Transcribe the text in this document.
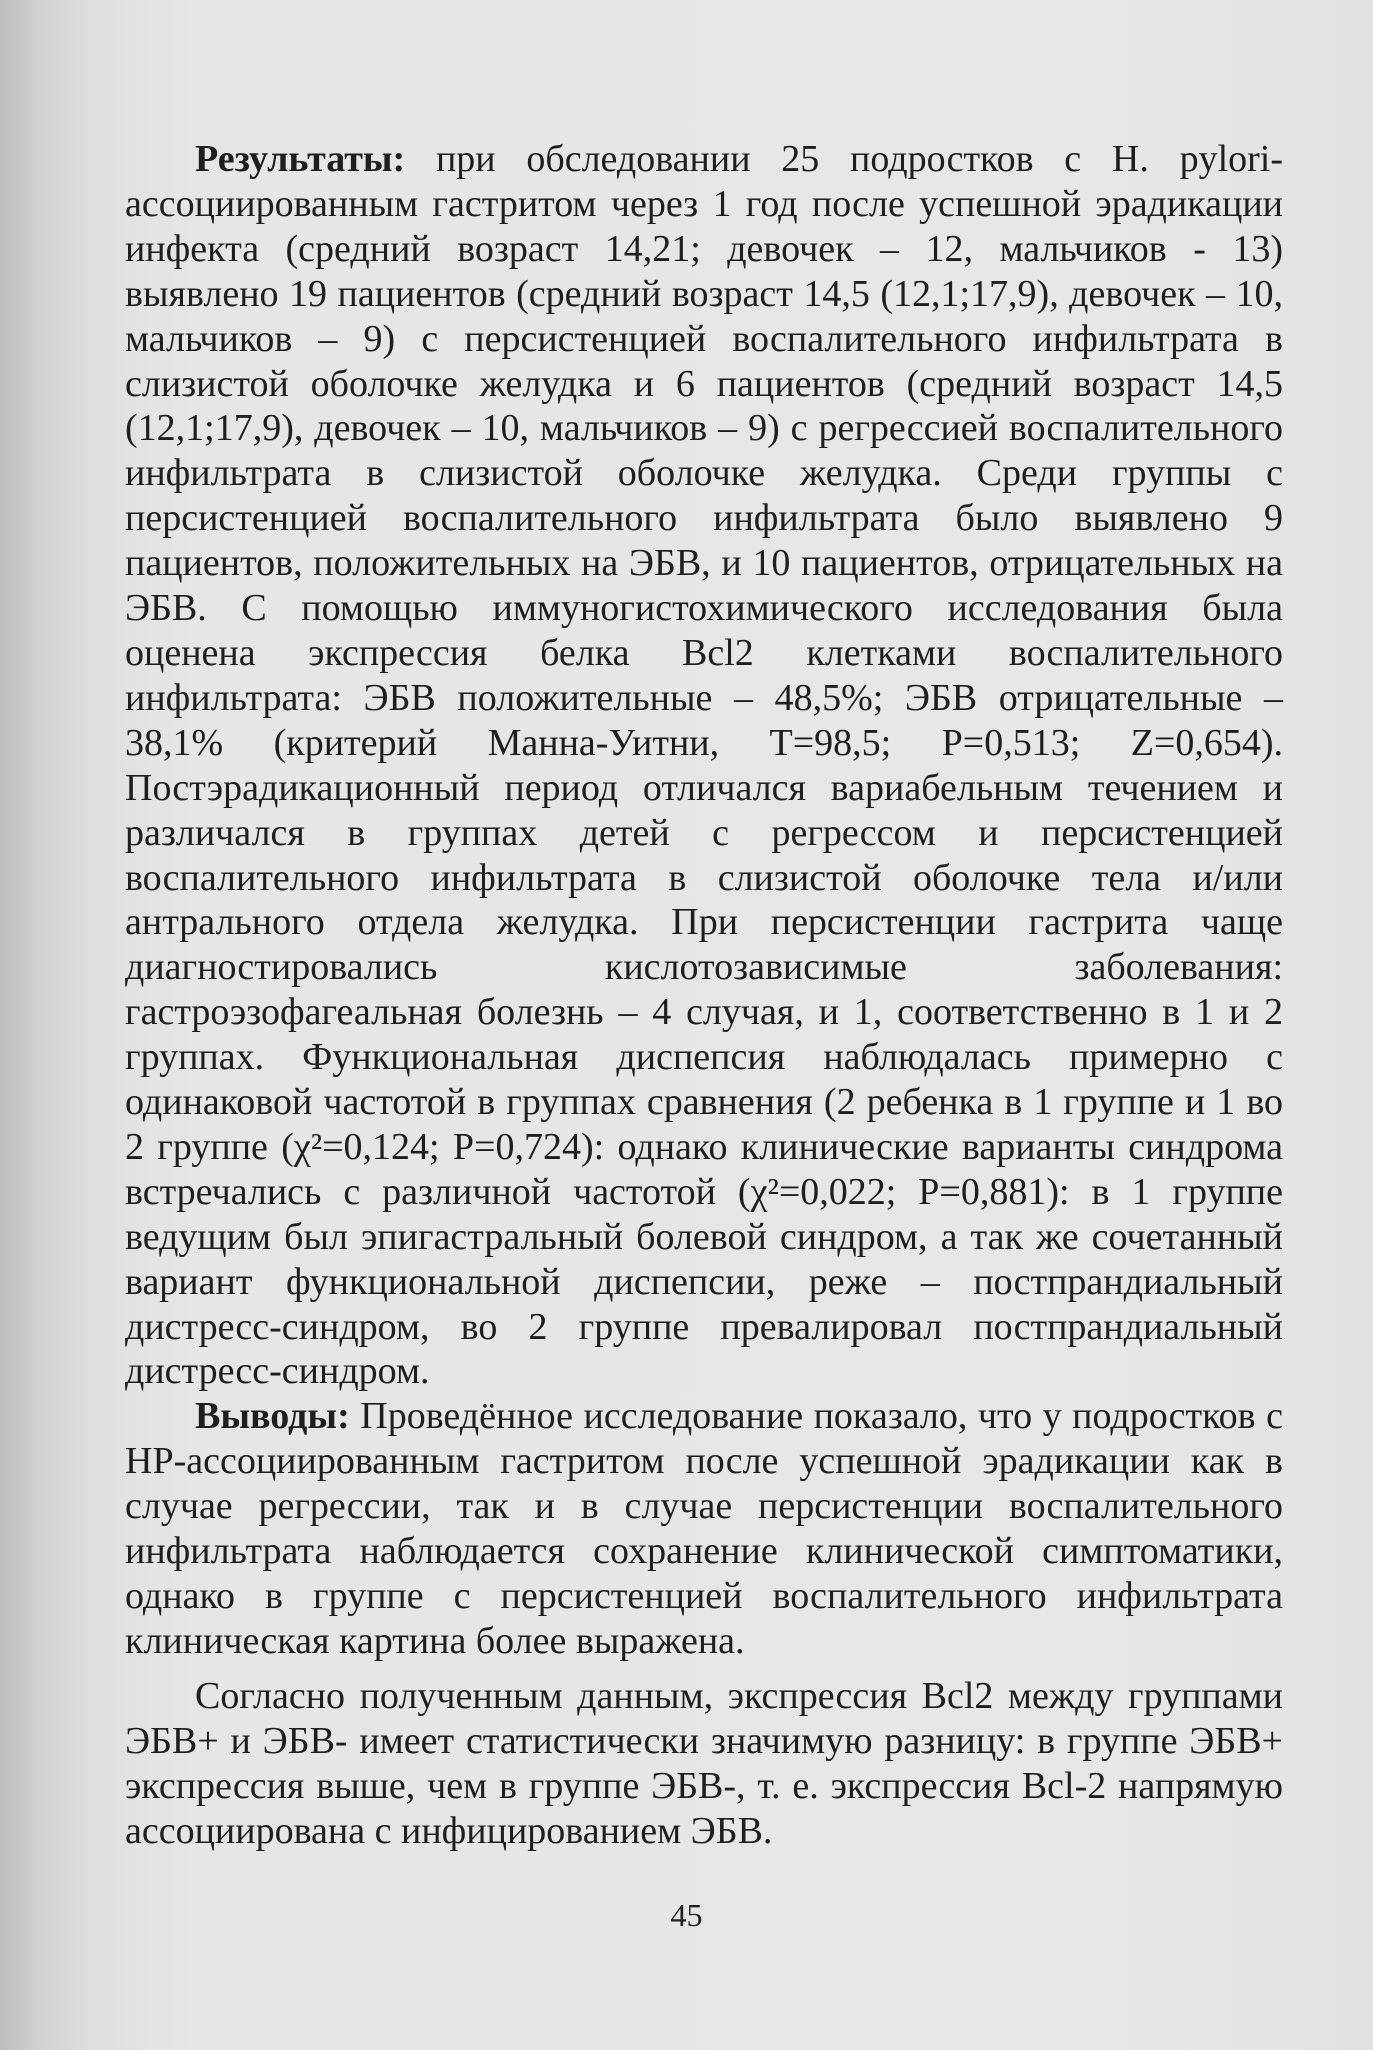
Результаты: при обследовании 25 подростков с H. pylori-ассоциированным гастритом через 1 год после успешной эрадикации инфекта (средний возраст 14,21; девочек – 12, мальчиков - 13) выявлено 19 пациентов (средний возраст 14,5 (12,1;17,9), девочек – 10, мальчиков – 9) с персистенцией воспалительного инфильтрата в слизистой оболочке желудка и 6 пациентов (средний возраст 14,5 (12,1;17,9), девочек – 10, мальчиков – 9) с регрессией воспалительного инфильтрата в слизистой оболочке желудка. Среди группы с персистенцией воспалительного инфильтрата было выявлено 9 пациентов, положительных на ЭБВ, и 10 пациентов, отрицательных на ЭБВ. С помощью иммуногистохимического исследования была оценена экспрессия белка Bcl2 клетками воспалительного инфильтрата: ЭБВ положительные – 48,5%; ЭБВ отрицательные – 38,1% (критерий Манна-Уитни, T=98,5; P=0,513; Z=0,654). Постэрадикационный период отличался вариабельным течением и различался в группах детей с регрессом и персистенцией воспалительного инфильтрата в слизистой оболочке тела и/или антрального отдела желудка. При персистенции гастрита чаще диагностировались кислотозависимые заболевания: гастроэзофагеальная болезнь – 4 случая, и 1, соответственно в 1 и 2 группах. Функциональная диспепсия наблюдалась примерно с одинаковой частотой в группах сравнения (2 ребенка в 1 группе и 1 во 2 группе (χ²=0,124; P=0,724): однако клинические варианты синдрома встречались с различной частотой (χ²=0,022; P=0,881): в 1 группе ведущим был эпигастральный болевой синдром, а так же сочетанный вариант функциональной диспепсии, реже – постпрандиальный дистресс-синдром, во 2 группе превалировал постпрандиальный дистресс-синдром.

Выводы: Проведённое исследование показало, что у подростков с HP-ассоциированным гастритом после успешной эрадикации как в случае регрессии, так и в случае персистенции воспалительного инфильтрата наблюдается сохранение клинической симптоматики, однако в группе с персистенцией воспалительного инфильтрата клиническая картина более выражена.

Согласно полученным данным, экспрессия Bcl2 между группами ЭБВ+ и ЭБВ- имеет статистически значимую разницу: в группе ЭБВ+ экспрессия выше, чем в группе ЭБВ-, т. е. экспрессия Bcl-2 напрямую ассоциирована с инфицированием ЭБВ.

45
